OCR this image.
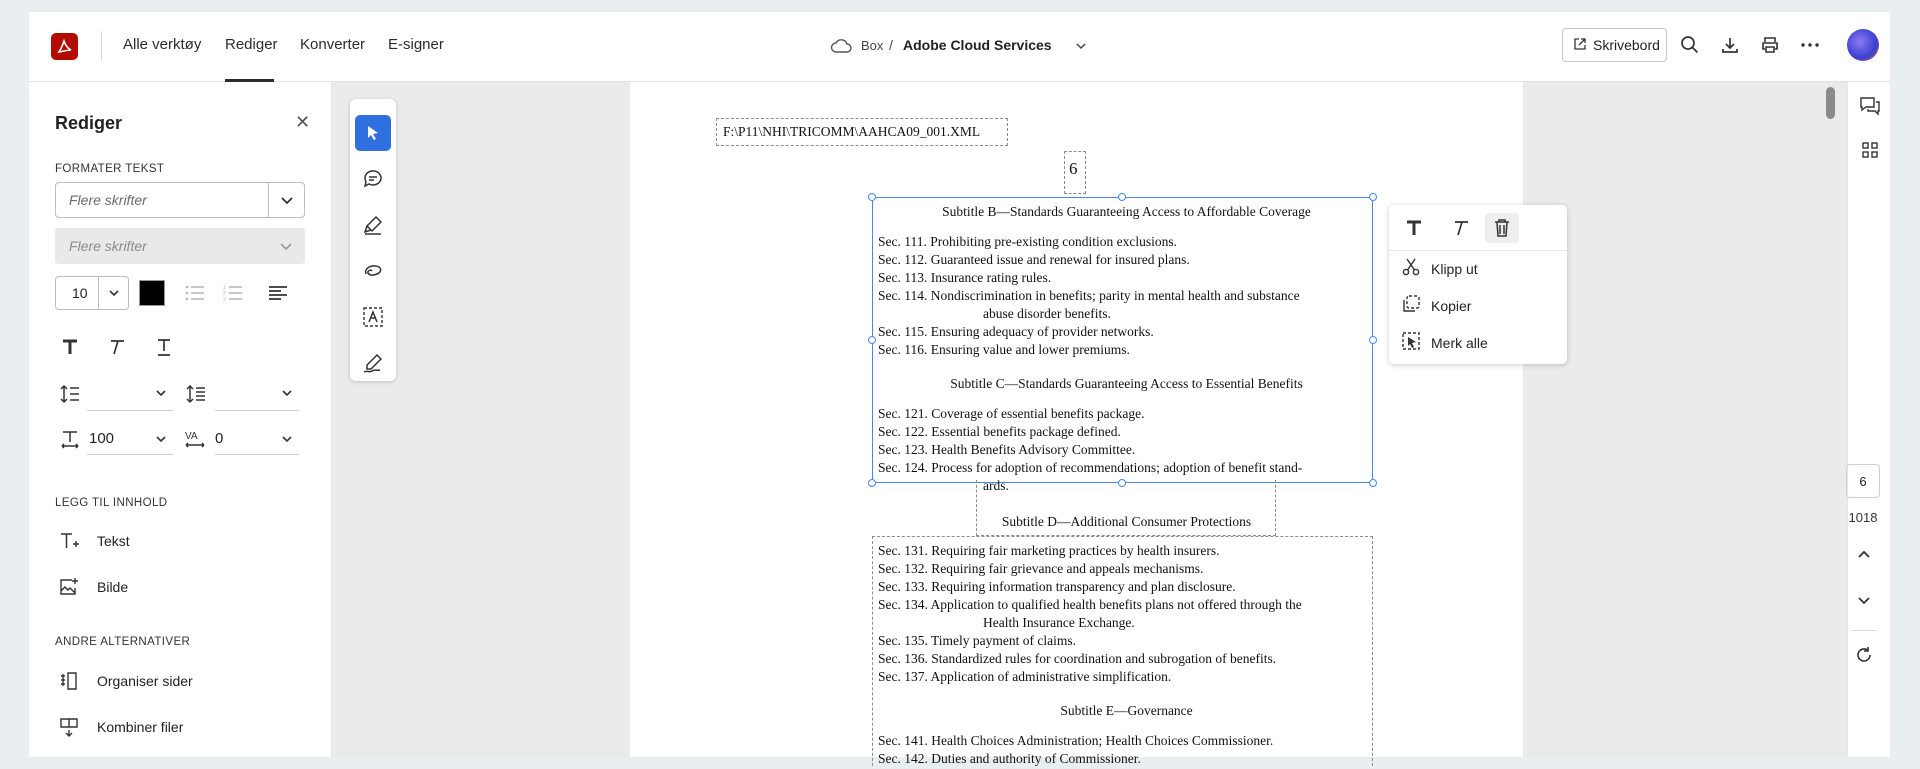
Alle verktøy Rediger Konverter E-signer	Box / Adobe Cloud Services	Skrivebord
Rediger	✕
FORMATER TEKST
Flere skrifter
Flere skrifter
10	1
2
3
100	VA 0
LEGG TIL INNHOLD
Tekst
Bilde
ANDRE ALTERNATIVER
Organiser sider
Kombiner filer
F:\P11\NHI\TRICOMM\AAHCA09_001.XML
6
Subtitle B—Standards Guaranteeing Access to Affordable Coverage
Sec. 111. Prohibiting pre-existing condition exclusions.
Sec. 112. Guaranteed issue and renewal for insured plans.
Sec. 113. Insurance rating rules.
Sec. 114. Nondiscrimination in benefits; parity in mental health and substance
abuse disorder benefits.
Sec. 115. Ensuring adequacy of provider networks.
Sec. 116. Ensuring value and lower premiums.
Subtitle C—Standards Guaranteeing Access to Essential Benefits
Sec. 121. Coverage of essential benefits package.
Sec. 122. Essential benefits package defined.
Sec. 123. Health Benefits Advisory Committee.
Sec. 124. Process for adoption of recommendations; adoption of benefit stand-
ards.
Subtitle D—Additional Consumer Protections
Sec. 131. Requiring fair marketing practices by health insurers.
Sec. 132. Requiring fair grievance and appeals mechanisms.
Sec. 133. Requiring information transparency and plan disclosure.
Sec. 134. Application to qualified health benefits plans not offered through the
Health Insurance Exchange.
Sec. 135. Timely payment of claims.
Sec. 136. Standardized rules for coordination and subrogation of benefits.
Sec. 137. Application of administrative simplification.
Subtitle E—Governance
Sec. 141. Health Choices Administration; Health Choices Commissioner.
Sec. 142. Duties and authority of Commissioner.
Klipp ut
Kopier
Merk alle
6
1018
